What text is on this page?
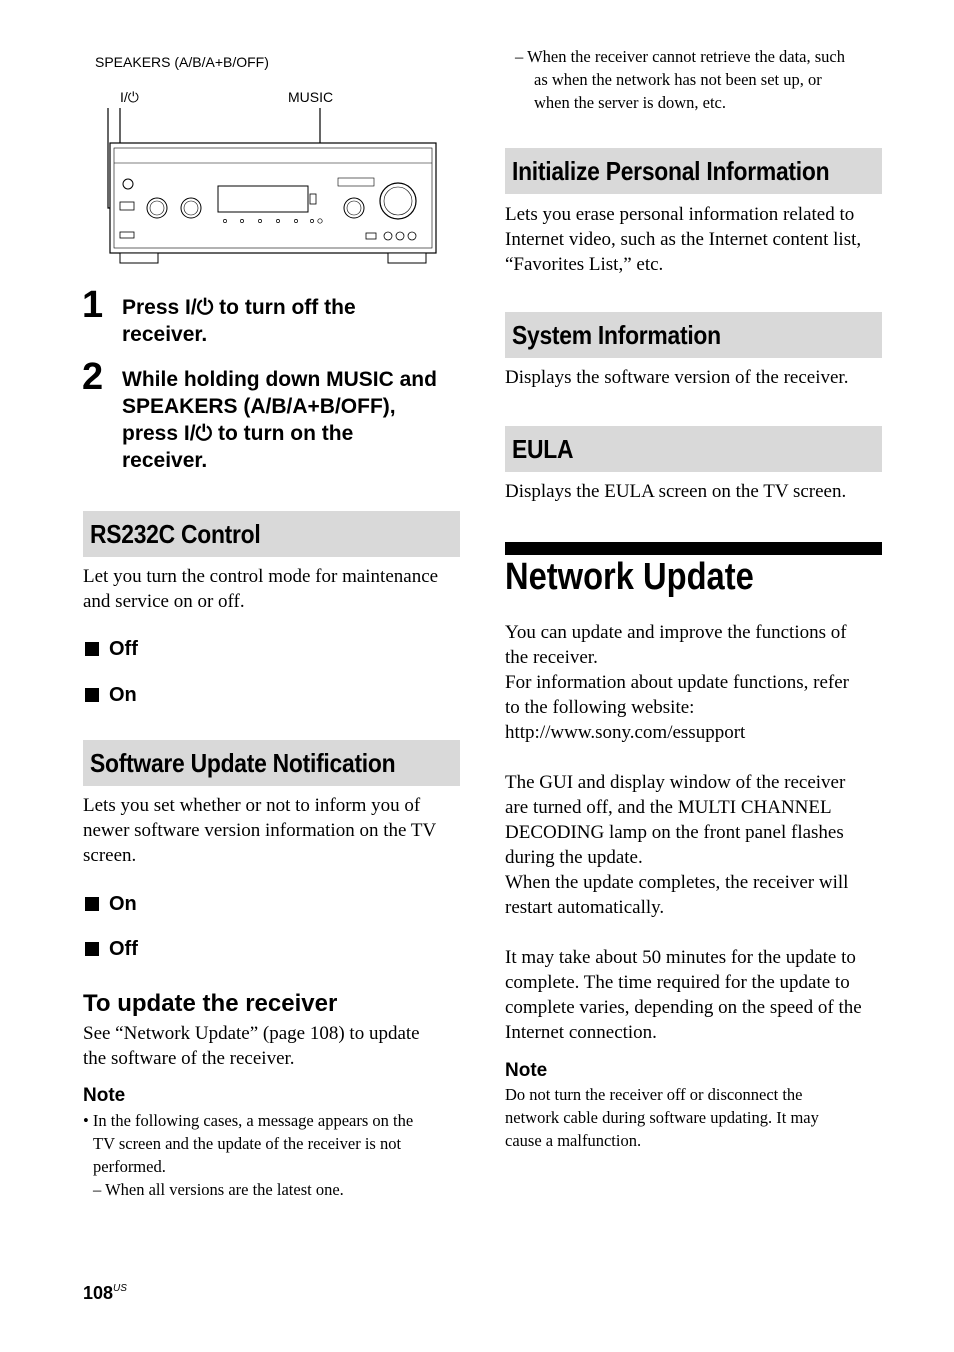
SPEAKERS (A/B/A+B/OFF)
I/⏻	MUSIC
1 Press I/⏻ to turn off the
receiver.
2 While holding down MUSIC and
SPEAKERS (A/B/A+B/OFF),
press I/⏻ to turn on the
receiver.
RS232C Control
Let you turn the control mode for maintenance
and service on or off.
Off
On
Software Update Notification
Lets you set whether or not to inform you of
newer software version information on the TV
screen.
On
Off
To update the receiver
See “Network Update” (page 108) to update
the software of the receiver.
Note
• In the following cases, a message appears on the
TV screen and the update of the receiver is not
performed.
– When all versions are the latest one.
$108^{US}$
– When the receiver cannot retrieve the data, such
as when the network has not been set up, or
when the server is down, etc.
Initialize Personal Information
Lets you erase personal information related to
Internet video, such as the Internet content list,
“Favorites List,” etc.
System Information
Displays the software version of the receiver.
EULA
Displays the EULA screen on the TV screen.
Network Update
You can update and improve the functions of
the receiver.
For information about update functions, refer
to the following website:
http://www.sony.com/essupport
The GUI and display window of the receiver
are turned off, and the MULTI CHANNEL
DECODING lamp on the front panel flashes
during the update.
When the update completes, the receiver will
restart automatically.
It may take about 50 minutes for the update to
complete. The time required for the update to
complete varies, depending on the speed of the
Internet connection.
Note
Do not turn the receiver off or disconnect the
network cable during software updating. It may
cause a malfunction.
